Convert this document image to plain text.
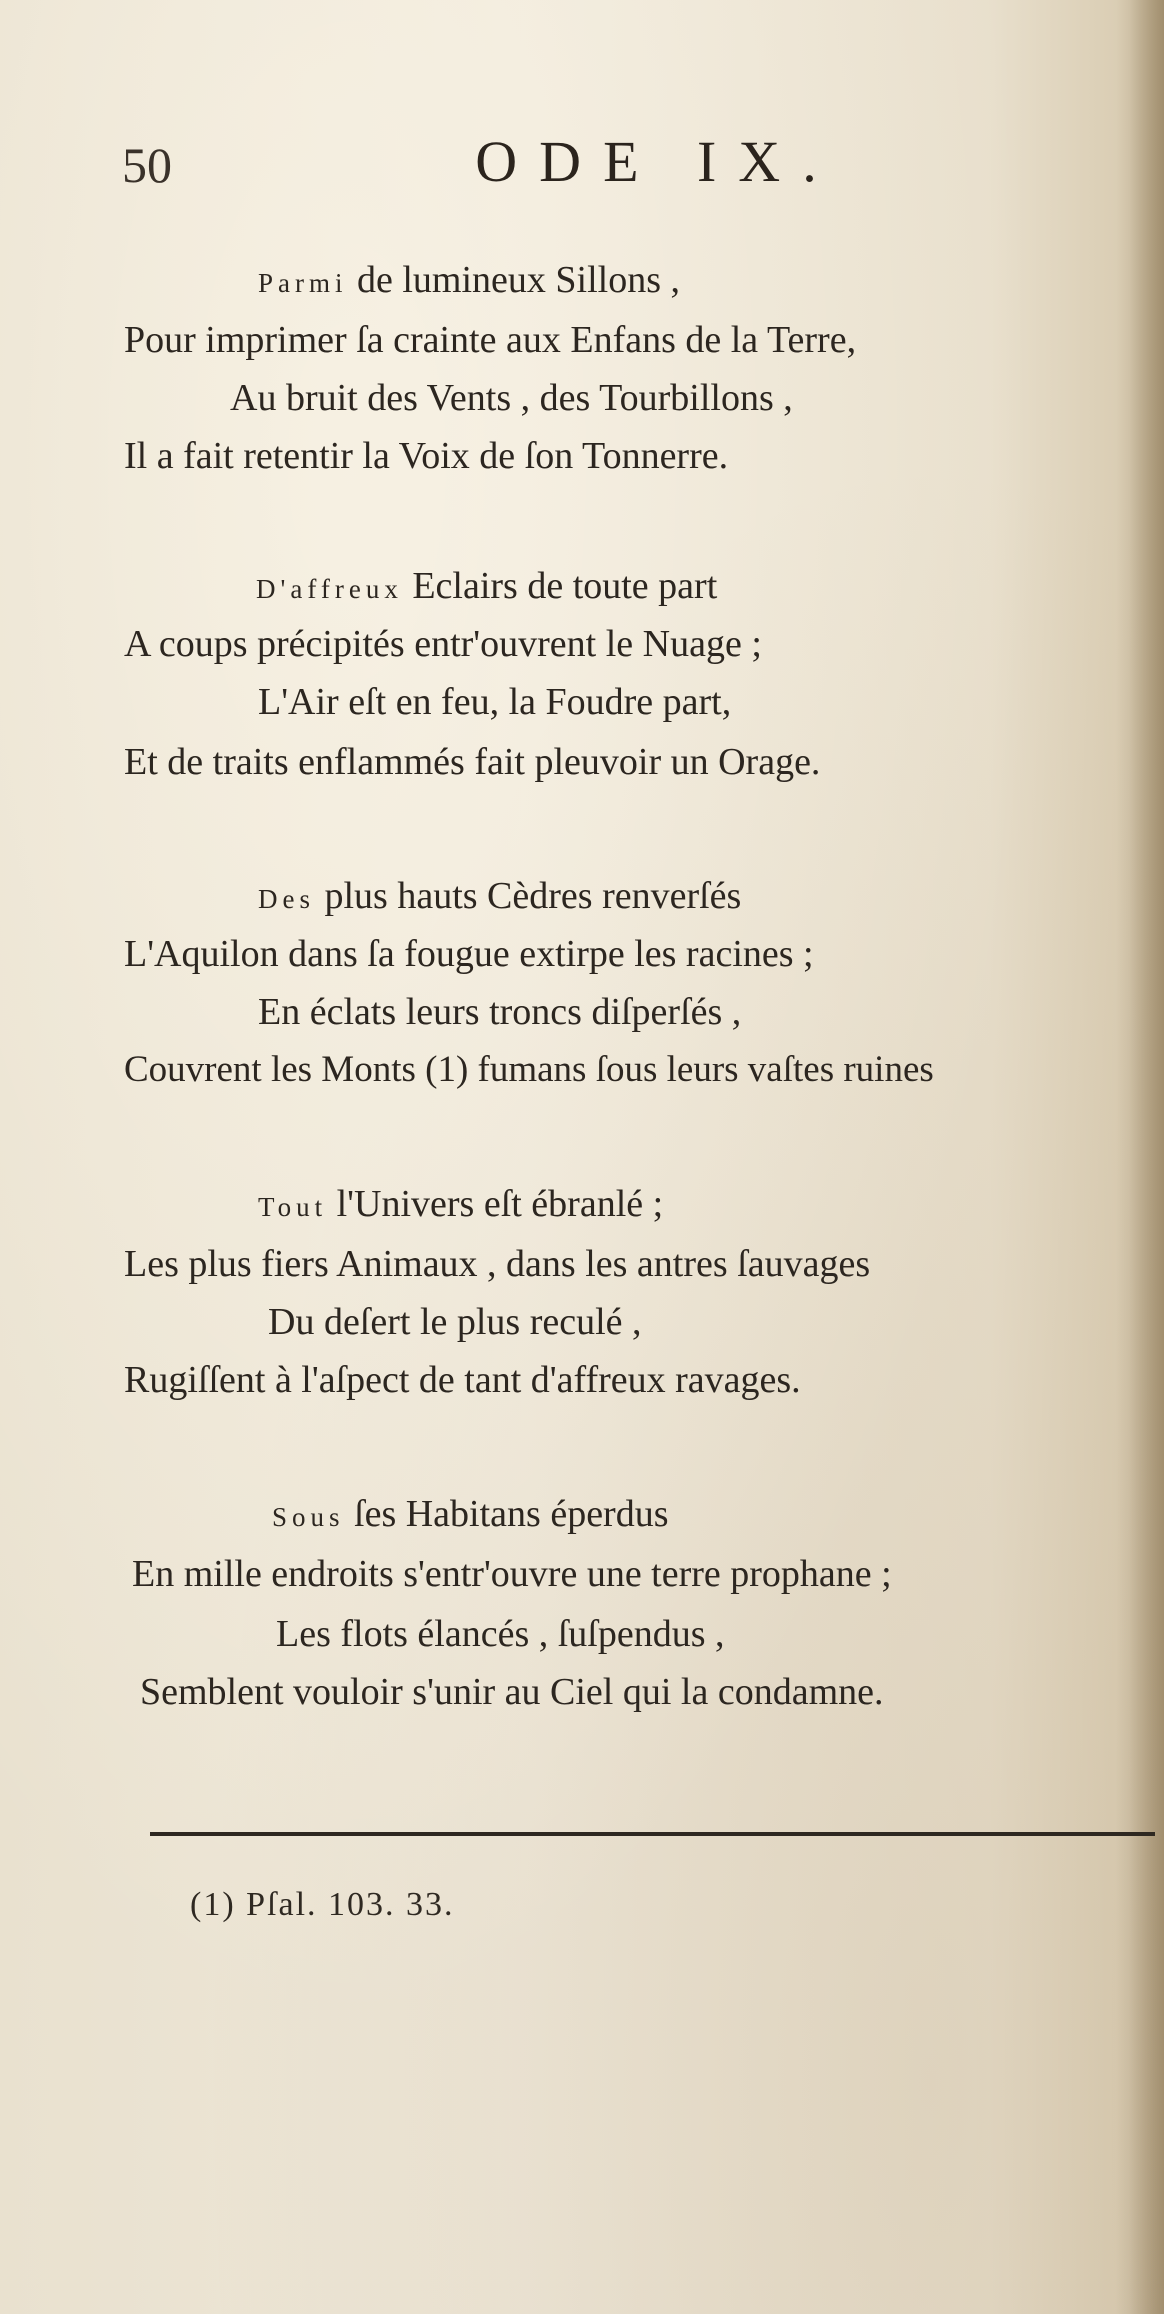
50	ODE IX.
Parmi de lumineux Sillons ,
Pour imprimer ſa crainte aux Enfans de la Terre,
Au bruit des Vents , des Tourbillons ,
Il a fait retentir la Voix de ſon Tonnerre.
D'affreux Eclairs de toute part
A coups précipités entr'ouvrent le Nuage ;
L'Air eſt en feu, la Foudre part,
Et de traits enflammés fait pleuvoir un Orage.
Des plus hauts Cèdres renverſés
L'Aquilon dans ſa fougue extirpe les racines ;
En éclats leurs troncs diſperſés ,
Couvrent les Monts (1) fumans ſous leurs vaſtes ruines
Tout l'Univers eſt ébranlé ;
Les plus fiers Animaux , dans les antres ſauvages
Du deſert le plus reculé ,
Rugiſſent à l'aſpect de tant d'affreux ravages.
Sous ſes Habitans éperdus
En mille endroits s'entr'ouvre une terre prophane ;
Les flots élancés , ſuſpendus ,
Semblent vouloir s'unir au Ciel qui la condamne.
(1) Pſal. 103. 33.
